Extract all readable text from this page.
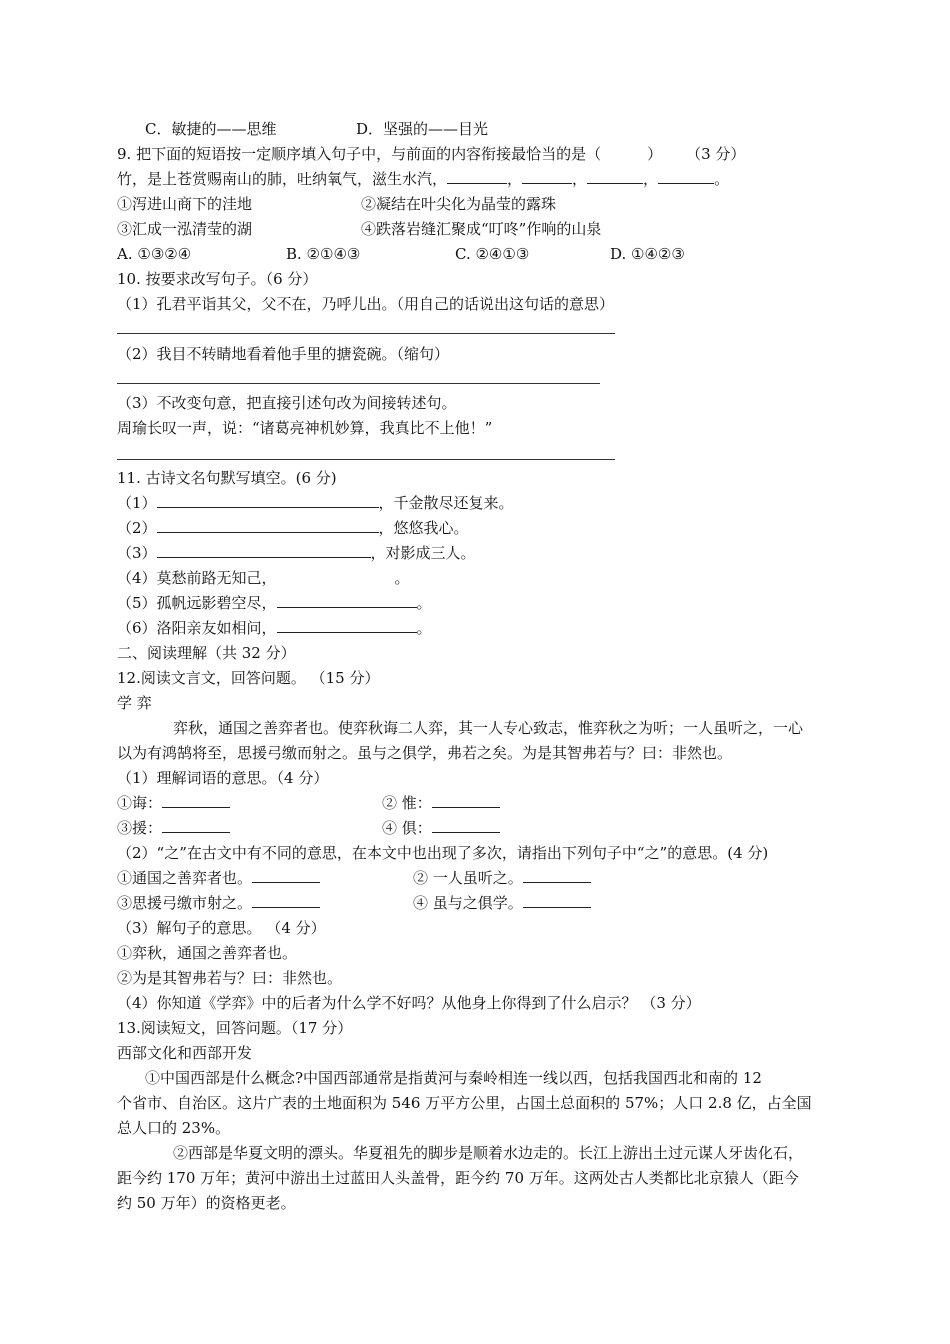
C．敏捷的——思维	D．坚强的——目光
9. 把下面的短语按一定顺序填入句子中，与前面的内容衔接最恰当的是（	） （3 分）
竹，是上苍赏赐南山的肺，吐纳氧气，滋生水汽，	，	，	，	。
①泻进山商下的洼地	②凝结在叶尖化为晶莹的露珠
③汇成一泓清莹的湖	④跌落岩缝汇聚成“叮咚”作响的山泉
A. ①③②④	B. ②①④③	C. ②④①③	D. ①④②③
10. 按要求改写句子。（6 分）
（1）孔君平诣其父，父不在，乃呼儿出。（用自己的话说出这句话的意思）
（2）我目不转睛地看着他手里的搪瓷碗。（缩句）
（3）不改变句意，把直接引述句改为间接转述句。
周瑜长叹一声，说：“诸葛亮神机妙算，我真比不上他！”
11. 古诗文名句默写填空。(6 分)
（1）	，千金散尽还复来。
（2）	，悠悠我心。
（3）	，对影成三人。
（4）莫愁前路无知己，	。
（5）孤帆远影碧空尽，	。
（6）洛阳亲友如相问，	。
二、阅读理解（共 32 分）
12.阅读文言文，回答问题。 （15 分）
学 弈
弈秋，通国之善弈者也。使弈秋诲二人弈，其一人专心致志，惟弈秋之为听；一人虽听之，一心
以为有鸿鹄将至，思援弓缴而射之。虽与之俱学，弗若之矣。为是其智弗若与？曰：非然也。
（1）理解词语的意思。（4 分）
①诲：	② 惟：
③援：	④ 俱：
（2）“之”在古文中有不同的意思，在本文中也出现了多次，请指出下列句子中“之”的意思。(4 分)
①通国之善弈者也。	② 一人虽听之。
③思援弓缴市射之。	④ 虽与之俱学。
（3）解句子的意思。 （4 分）
①弈秋，通国之善弈者也。
②为是其智弗若与？曰：非然也。
（4）你知道《学弈》中的后者为什么学不好吗？从他身上你得到了什么启示？ （3 分）
13.阅读短文，回答问题。（17 分）
西部文化和西部开发
①中国西部是什么概念?中国西部通常是指黄河与秦岭相连一线以西，包括我国西北和南的 12
个省市、自治区。这片广表的土地面积为 546 万平方公里，占国土总面积的 57%；人口 2.8 亿，占全国
总人口的 23%。
②西部是华夏文明的漂头。华夏祖先的脚步是顺着水边走的。长江上游出土过元谋人牙齿化石，
距今约 170 万年；黄河中游出土过蓝田人头盖骨，距今约 70 万年。这两处古人类都比北京猿人（距今
约 50 万年）的资格更老。
